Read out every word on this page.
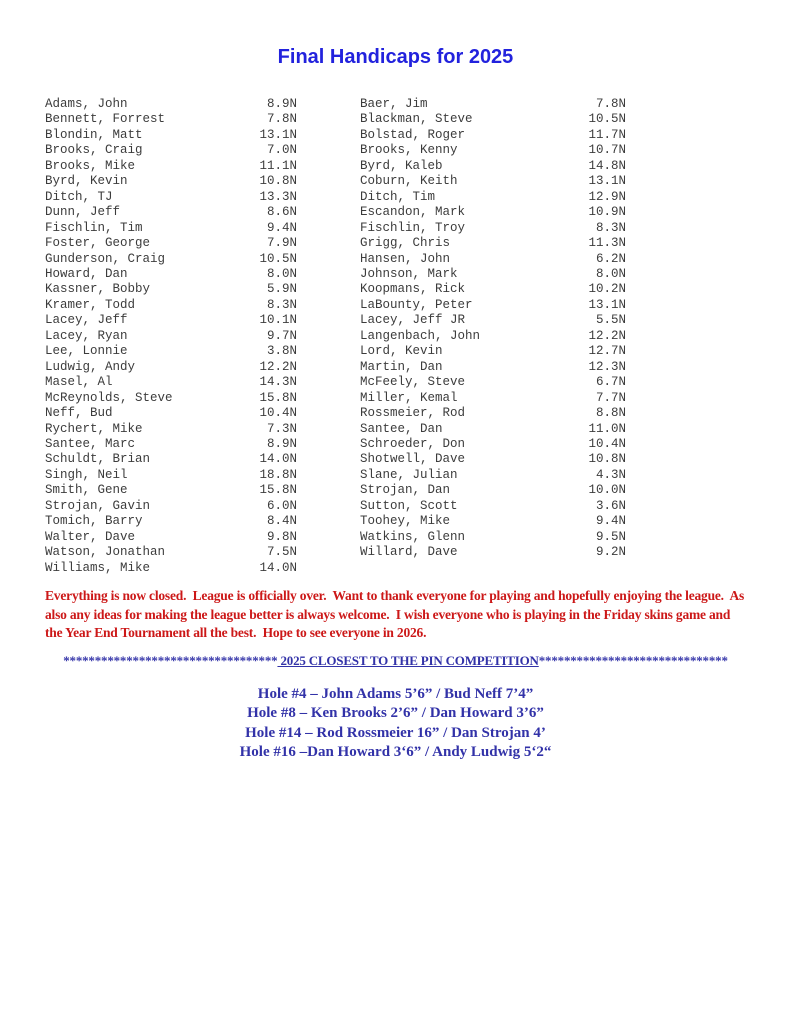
Final Handicaps for 2025
Adams, John	8.9N
Bennett, Forrest	7.8N
Blondin, Matt	13.1N
Brooks, Craig	7.0N
Brooks, Mike	11.1N
Byrd, Kevin	10.8N
Ditch, TJ	13.3N
Dunn, Jeff	8.6N
Fischlin, Tim	9.4N
Foster, George	7.9N
Gunderson, Craig	10.5N
Howard, Dan	8.0N
Kassner, Bobby	5.9N
Kramer, Todd	8.3N
Lacey, Jeff	10.1N
Lacey, Ryan	9.7N
Lee, Lonnie	3.8N
Ludwig, Andy	12.2N
Masel, Al	14.3N
McReynolds, Steve	15.8N
Neff, Bud	10.4N
Rychert, Mike	7.3N
Santee, Marc	8.9N
Schuldt, Brian	14.0N
Singh, Neil	18.8N
Smith, Gene	15.8N
Strojan, Gavin	6.0N
Tomich, Barry	8.4N
Walter, Dave	9.8N
Watson, Jonathan	7.5N
Williams, Mike	14.0N
Baer, Jim	7.8N
Blackman, Steve	10.5N
Bolstad, Roger	11.7N
Brooks, Kenny	10.7N
Byrd, Kaleb	14.8N
Coburn, Keith	13.1N
Ditch, Tim	12.9N
Escandon, Mark	10.9N
Fischlin, Troy	8.3N
Grigg, Chris	11.3N
Hansen, John	6.2N
Johnson, Mark	8.0N
Koopmans, Rick	10.2N
LaBounty, Peter	13.1N
Lacey, Jeff JR	5.5N
Langenbach, John	12.2N
Lord, Kevin	12.7N
Martin, Dan	12.3N
McFeely, Steve	6.7N
Miller, Kemal	7.7N
Rossmeier, Rod	8.8N
Santee, Dan	11.0N
Schroeder, Don	10.4N
Shotwell, Dave	10.8N
Slane, Julian	4.3N
Strojan, Dan	10.0N
Sutton, Scott	3.6N
Toohey, Mike	9.4N
Watkins, Glenn	9.5N
Willard, Dave	9.2N

Everything is now closed.  League is officially over.  Want to thank everyone for playing and hopefully enjoying the league.  As also any ideas for making the league better is always welcome.  I wish everyone who is playing in the Friday skins game and the Year End Tournament all the best.  Hope to see everyone in 2026.

********************************** 2025 CLOSEST TO THE PIN COMPETITION******************************
Hole #4 – John Adams 5’6” / Bud Neff 7’4”
Hole #8 – Ken Brooks 2’6” / Dan Howard 3’6”
Hole #14 – Rod Rossmeier 16” / Dan Strojan 4’
Hole #16 –Dan Howard 3‘6” / Andy Ludwig 5‘2“
